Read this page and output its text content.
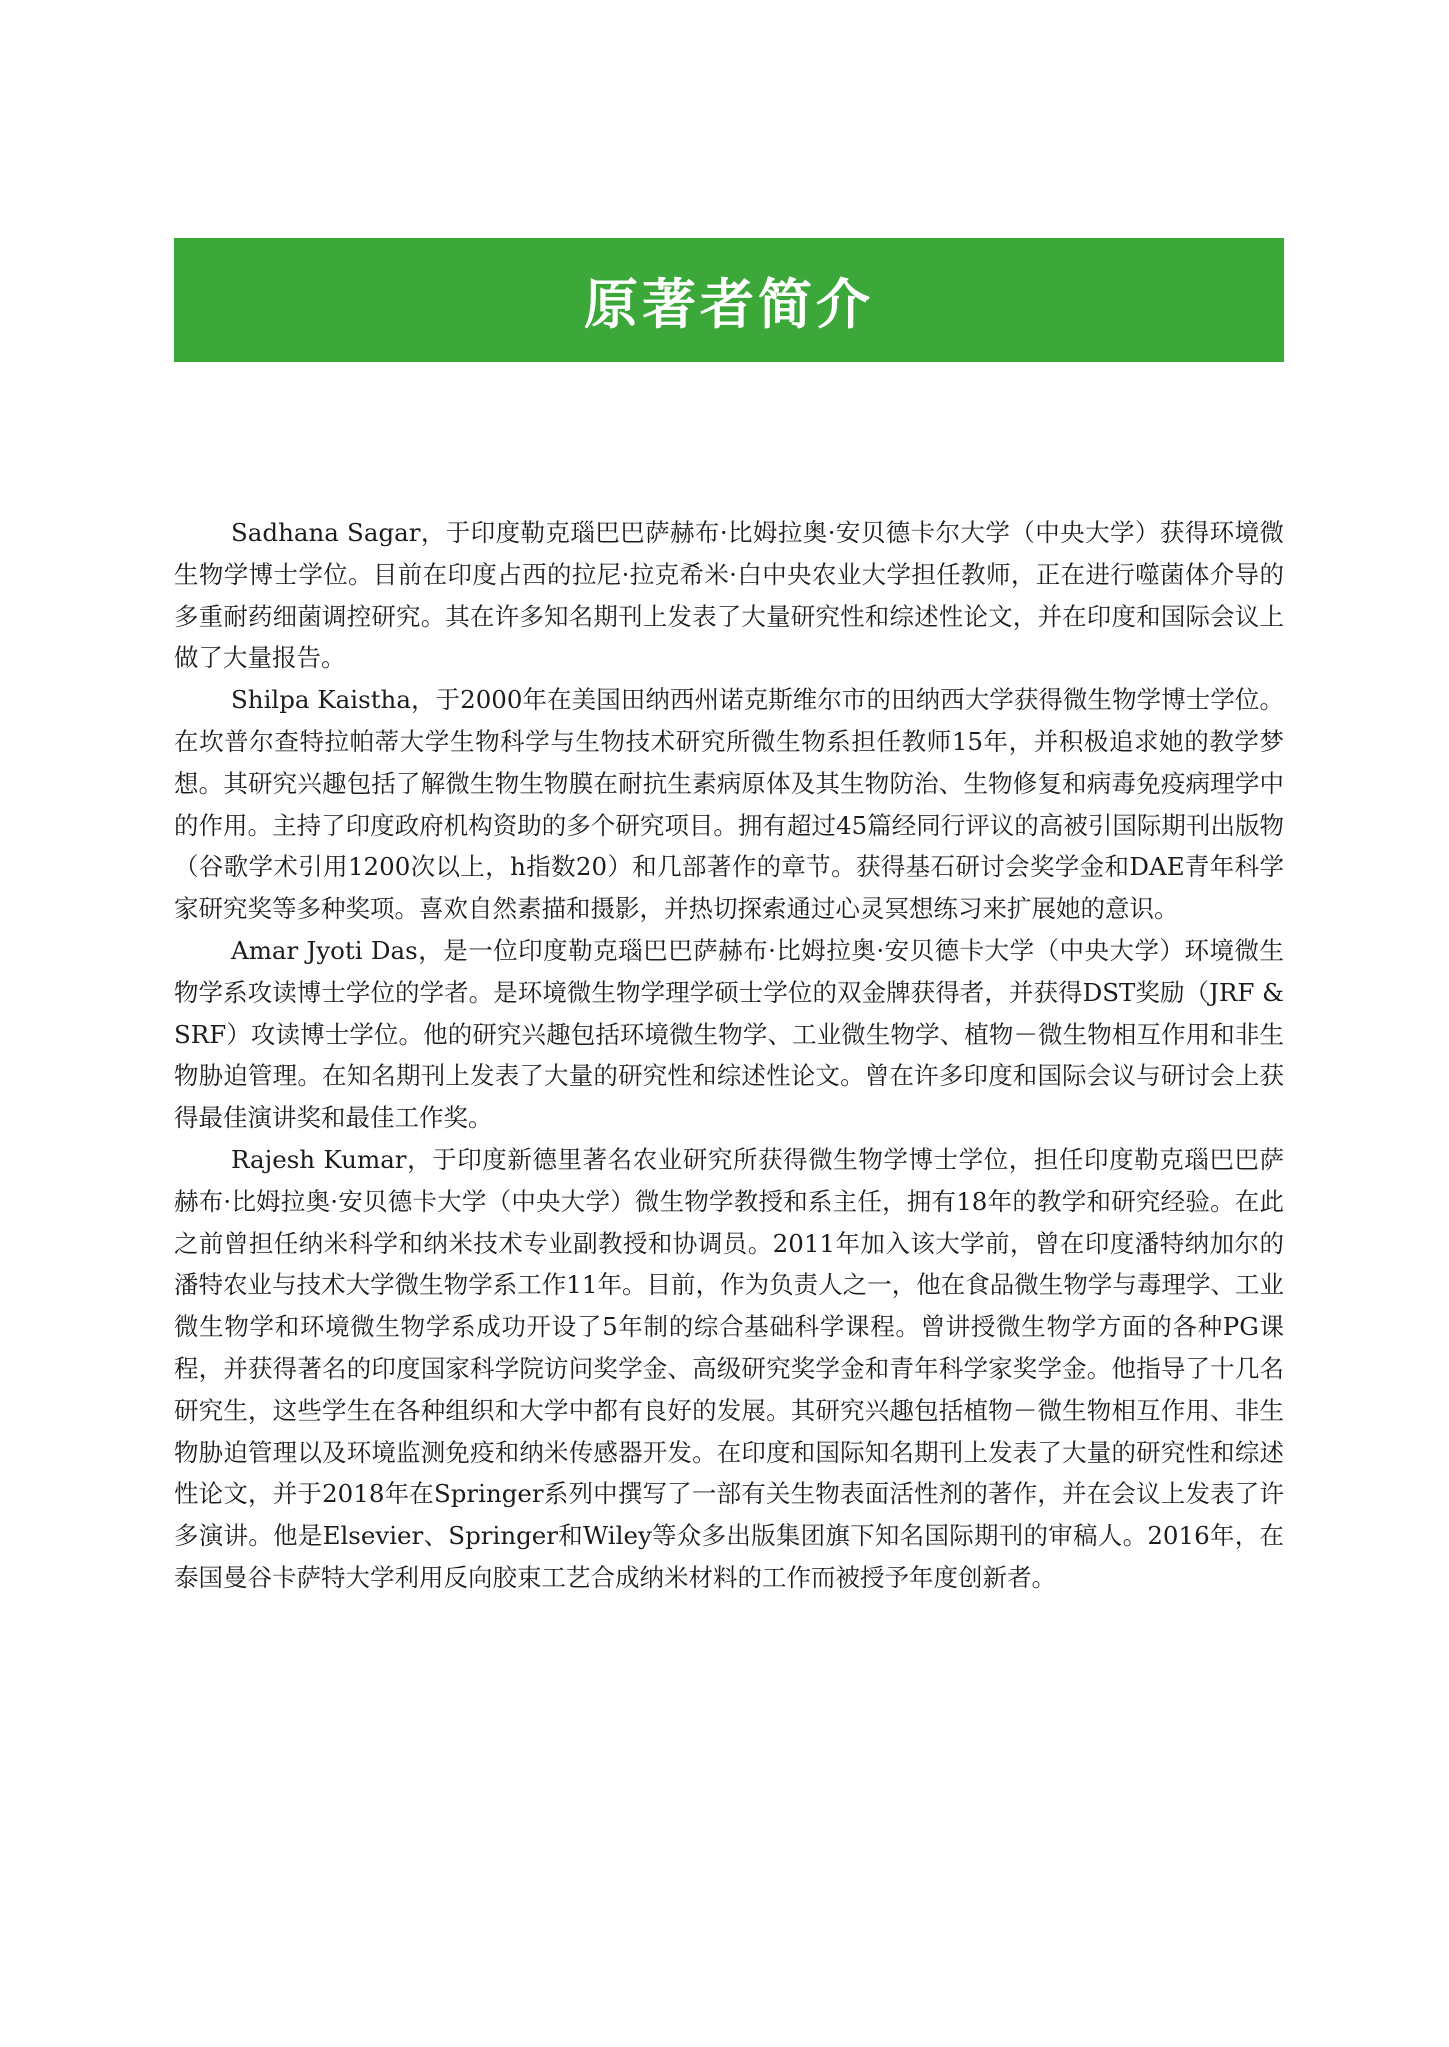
原著者简介

Sadhana Sagar，于印度勒克瑙巴巴萨赫布·比姆拉奥·安贝德卡尔大学（中央大学）获得环境微生物学博士学位。目前在印度占西的拉尼·拉克希米·白中央农业大学担任教师，正在进行噬菌体介导的多重耐药细菌调控研究。其在许多知名期刊上发表了大量研究性和综述性论文，并在印度和国际会议上做了大量报告。

Shilpa Kaistha，于2000年在美国田纳西州诺克斯维尔市的田纳西大学获得微生物学博士学位。在坎普尔查特拉帕蒂大学生物科学与生物技术研究所微生物系担任教师15年，并积极追求她的教学梦想。其研究兴趣包括了解微生物生物膜在耐抗生素病原体及其生物防治、生物修复和病毒免疫病理学中的作用。主持了印度政府机构资助的多个研究项目。拥有超过45篇经同行评议的高被引国际期刊出版物（谷歌学术引用1200次以上，h指数20）和几部著作的章节。获得基石研讨会奖学金和DAE青年科学家研究奖等多种奖项。喜欢自然素描和摄影，并热切探索通过心灵冥想练习来扩展她的意识。

Amar Jyoti Das，是一位印度勒克瑙巴巴萨赫布·比姆拉奥·安贝德卡大学（中央大学）环境微生物学系攻读博士学位的学者。是环境微生物学理学硕士学位的双金牌获得者，并获得DST奖励（JRF & SRF）攻读博士学位。他的研究兴趣包括环境微生物学、工业微生物学、植物－微生物相互作用和非生物胁迫管理。在知名期刊上发表了大量的研究性和综述性论文。曾在许多印度和国际会议与研讨会上获得最佳演讲奖和最佳工作奖。

Rajesh Kumar，于印度新德里著名农业研究所获得微生物学博士学位，担任印度勒克瑙巴巴萨赫布·比姆拉奥·安贝德卡大学（中央大学）微生物学教授和系主任，拥有18年的教学和研究经验。在此之前曾担任纳米科学和纳米技术专业副教授和协调员。2011年加入该大学前，曾在印度潘特纳加尔的潘特农业与技术大学微生物学系工作11年。目前，作为负责人之一，他在食品微生物学与毒理学、工业微生物学和环境微生物学系成功开设了5年制的综合基础科学课程。曾讲授微生物学方面的各种PG课程，并获得著名的印度国家科学院访问奖学金、高级研究奖学金和青年科学家奖学金。他指导了十几名研究生，这些学生在各种组织和大学中都有良好的发展。其研究兴趣包括植物－微生物相互作用、非生物胁迫管理以及环境监测免疫和纳米传感器开发。在印度和国际知名期刊上发表了大量的研究性和综述性论文，并于2018年在Springer系列中撰写了一部有关生物表面活性剂的著作，并在会议上发表了许多演讲。他是Elsevier、Springer和Wiley等众多出版集团旗下知名国际期刊的审稿人。2016年，在泰国曼谷卡萨特大学利用反向胶束工艺合成纳米材料的工作而被授予年度创新者。
